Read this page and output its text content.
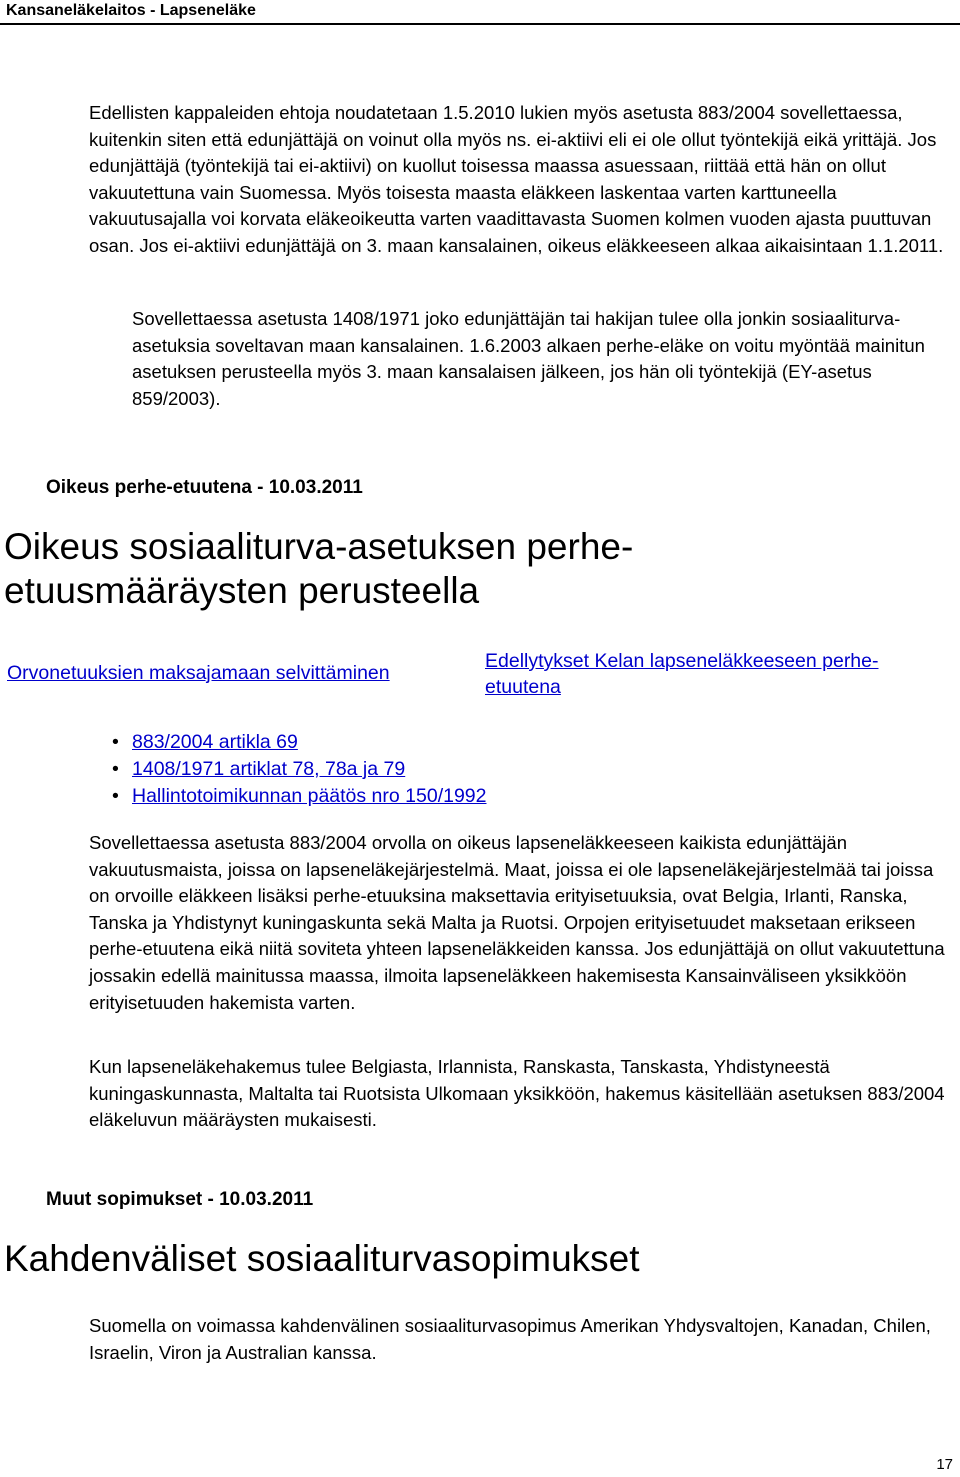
Kansaneläkelaitos - Lapseneläke

Edellisten kappaleiden ehtoja noudatetaan 1.5.2010 lukien myös asetusta 883/2004 sovellettaessa, kuitenkin siten että edunjättäjä on voinut olla myös ns. ei-aktiivi eli ei ole ollut työntekijä eikä yrittäjä. Jos edunjättäjä (työntekijä tai ei-aktiivi) on kuollut toisessa maassa asuessaan, riittää että hän on ollut vakuutettuna vain Suomessa. Myös toisesta maasta eläkkeen laskentaa varten karttuneella vakuutusajalla voi korvata eläkeoikeutta varten vaadittavasta Suomen kolmen vuoden ajasta puuttuvan osan. Jos ei-aktiivi edunjättäjä on 3. maan kansalainen, oikeus eläkkeeseen alkaa aikaisintaan 1.1.2011.

Sovellettaessa asetusta 1408/1971 joko edunjättäjän tai hakijan tulee olla jonkin sosiaaliturva-asetuksia soveltavan maan kansalainen. 1.6.2003 alkaen perhe-eläke on voitu myöntää mainitun asetuksen perusteella myös 3. maan kansalaisen jälkeen, jos hän oli työntekijä (EY-asetus 859/2003).

Oikeus perhe-etuutena - 10.03.2011
Oikeus sosiaaliturva-asetuksen perhe-etuusmääräysten perusteella
Orvonetuuksien maksajamaan selvittäminen
Edellytykset Kelan lapseneläkkeeseen perhe-etuutena
• 883/2004 artikla 69
• 1408/1971 artiklat 78, 78a ja 79
• Hallintotoimikunnan päätös nro 150/1992

Sovellettaessa asetusta 883/2004 orvolla on oikeus lapseneläkkeeseen kaikista edunjättäjän vakuutusmaista, joissa on lapseneläkejärjestelmä. Maat, joissa ei ole lapseneläkejärjestelmää tai joissa on orvoille eläkkeen lisäksi perhe-etuuksina maksettavia erityisetuuksia, ovat Belgia, Irlanti, Ranska, Tanska ja Yhdistynyt kuningaskunta sekä Malta ja Ruotsi. Orpojen erityisetuudet maksetaan erikseen perhe-etuutena eikä niitä soviteta yhteen lapseneläkkeiden kanssa. Jos edunjättäjä on ollut vakuutettuna jossakin edellä mainitussa maassa, ilmoita lapseneläkkeen hakemisesta Kansainväliseen yksikköön erityisetuuden hakemista varten.

Kun lapseneläkehakemus tulee Belgiasta, Irlannista, Ranskasta, Tanskasta, Yhdistyneestä kuningaskunnasta, Maltalta tai Ruotsista Ulkomaan yksikköön, hakemus käsitellään asetuksen 883/2004 eläkeluvun määräysten mukaisesti.

Muut sopimukset - 10.03.2011
Kahdenväliset sosiaaliturvasopimukset

Suomella on voimassa kahdenvälinen sosiaaliturvasopimus Amerikan Yhdysvaltojen, Kanadan, Chilen, Israelin, Viron ja Australian kanssa.

17
